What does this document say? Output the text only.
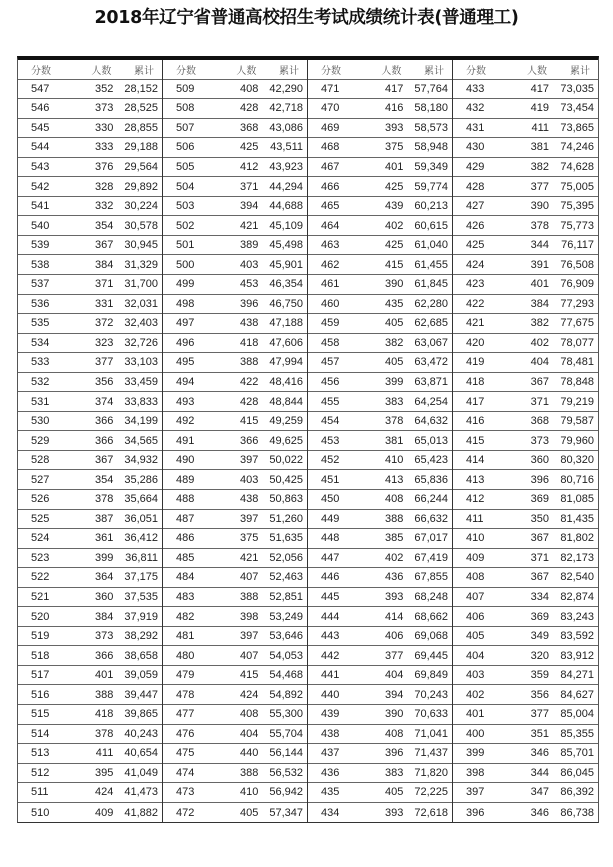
2018年辽宁省普通高校招生考试成绩统计表(普通理工)
分数	人数	累计
547	352 28,152
546	373 28,525
545	330 28,855
544	333 29,188
543	376 29,564
542	328 29,892
541	332 30,224
540	354 30,578
539	367 30,945
538	384 31,329
537	371 31,700
536	331 32,031
535	372 32,403
534	323 32,726
533	377 33,103
532	356 33,459
531	374 33,833
530	366 34,199
529	366 34,565
528	367 34,932
527	354 35,286
526	378 35,664
525	387 36,051
524	361 36,412
523	399	36,811
522	364 37,175
521	360 37,535
520	384 37,919
519	373 38,292
518	366 38,658
517	401 39,059
516	388 39,447
515	418 39,865
514	378 40,243
513	411 40,654
512	395 41,049
511	424 41,473
510	409 41,882
分数	人数	累计
509	408 42,290
508	428 42,718
507	368 43,086
506	425	43,511
505	412 43,923
504	371 44,294
503	394 44,688
502	421 45,109
501	389 45,498
500	403 45,901
499	453 46,354
498	396 46,750
497	438 47,188
496	418 47,606
495	388 47,994
494	422 48,416
493	428 48,844
492	415 49,259
491	366 49,625
490	397 50,022
489	403 50,425
488	438 50,863
487	397 51,260
486	375 51,635
485	421 52,056
484	407 52,463
483	388 52,851
482	398 53,249
481	397 53,646
480	407 54,053
479	415 54,468
478	424 54,892
477	408 55,300
476	404 55,704
475	440 56,144
474	388 56,532
473	410 56,942
472	405 57,347
分数	人数	累计
471	417 57,764
470	416 58,180
469	393 58,573
468	375 58,948
467	401 59,349
466	425 59,774
465	439 60,213
464	402 60,615
463	425 61,040
462	415 61,455
461	390 61,845
460	435 62,280
459	405 62,685
458	382 63,067
457	405 63,472
456	399 63,871
455	383 64,254
454	378 64,632
453	381 65,013
452	410 65,423
451	413 65,836
450	408 66,244
449	388 66,632
448	385 67,017
447	402 67,419
446	436 67,855
445	393 68,248
444	414 68,662
443	406 69,068
442	377 69,445
441	404 69,849
440	394 70,243
439	390 70,633
438	408 71,041
437	396 71,437
436	383 71,820
435	405 72,225
434	393 72,618
分数	人数	累计
433	417	73,035
432	419	73,454
431	411	73,865
430	381	74,246
429	382	74,628
428	377	75,005
427	390	75,395
426	378	75,773
425	344	76,117
424	391	76,508
423	401	76,909
422	384	77,293
421	382	77,675
420	402	78,077
419	404	78,481
418	367	78,848
417	371	79,219
416	368	79,587
415	373	79,960
414	360	80,320
413	396	80,716
412	369	81,085
411	350	81,435
410	367	81,802
409	371	82,173
408	367	82,540
407	334	82,874
406	369	83,243
405	349	83,592
404	320	83,912
403	359	84,271
402	356	84,627
401	377	85,004
400	351	85,355
399	346	85,701
398	344	86,045
397	347	86,392
396	346	86,738
